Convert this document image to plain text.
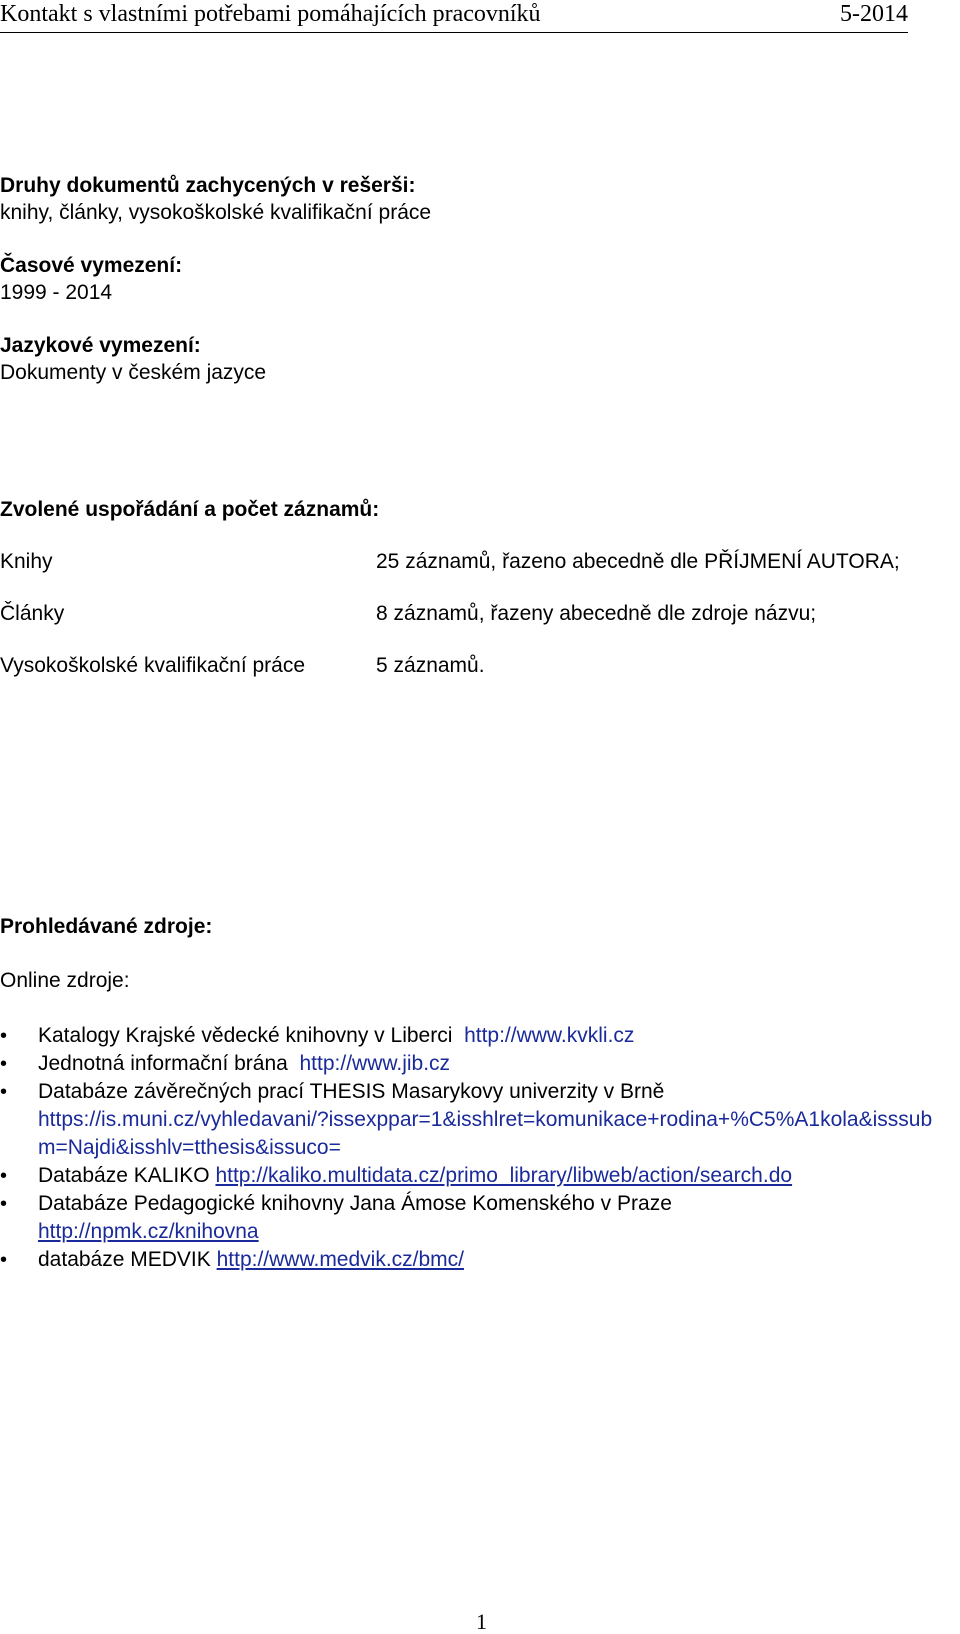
Kontakt s vlastními potřebami pomáhajících pracovníků	5-2014
Druhy dokumentů zachycených v rešerši:
knihy, články, vysokoškolské kvalifikační práce
Časové vymezení:
1999 - 2014
Jazykové vymezení:
Dokumenty v českém jazyce
Zvolené uspořádání a počet záznamů:
Knihy	25 záznamů, řazeno abecedně dle PŘÍJMENÍ AUTORA;
Články	8 záznamů, řazeny abecedně dle zdroje názvu;
Vysokoškolské kvalifikační práce	5 záznamů.
Prohledávané zdroje:
Online zdroje:
• Katalogy Krajské vědecké knihovny v Liberci http://www.kvkli.cz
• Jednotná informační brána http://www.jib.cz
• Databáze závěrečných prací THESIS Masarykovy univerzity v Brně
https://is.muni.cz/vyhledavani/?issexppar=1&isshlret=komunikace+rodina+%C5%A1kola&isssubm=Najdi&isshlv=tthesis&issuco=
• Databáze KALIKO http://kaliko.multidata.cz/primo_library/libweb/action/search.do
• Databáze Pedagogické knihovny Jana Ámose Komenského v Praze
http://npmk.cz/knihovna
• databáze MEDVIK http://www.medvik.cz/bmc/
1
